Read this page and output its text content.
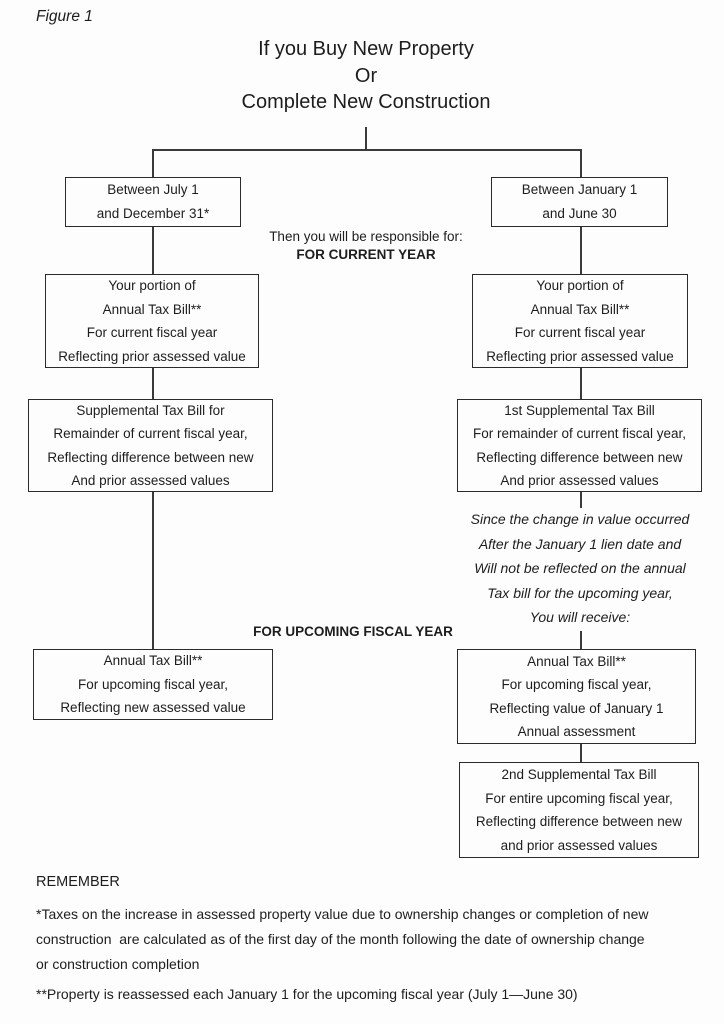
Figure 1
If you Buy New Property
Or
Complete New Construction
Then you will be responsible for:
FOR CURRENT YEAR
FOR UPCOMING FISCAL YEAR
Between July 1
and December 31*
Your portion of
Annual Tax Bill**
For current fiscal year
Reflecting prior assessed value
Supplemental Tax Bill for
Remainder of current fiscal year,
Reflecting difference between new
And prior assessed values
Annual Tax Bill**
For upcoming fiscal year,
Reflecting new assessed value
Between January 1
and June 30
Your portion of
Annual Tax Bill**
For current fiscal year
Reflecting prior assessed value
1st Supplemental Tax Bill
For remainder of current fiscal year,
Reflecting difference between new
And prior assessed values
Since the change in value occurred
After the January 1 lien date and
Will not be reflected on the annual
Tax bill for the upcoming year,
You will receive:
Annual Tax Bill**
For upcoming fiscal year,
Reflecting value of January 1
Annual assessment
2nd Supplemental Tax Bill
For entire upcoming fiscal year,
Reflecting difference between new
and prior assessed values
REMEMBER
*Taxes on the increase in assessed property value due to ownership changes or completion of new
construction  are calculated as of the first day of the month following the date of ownership change
or construction completion
**Property is reassessed each January 1 for the upcoming fiscal year (July 1—June 30)
